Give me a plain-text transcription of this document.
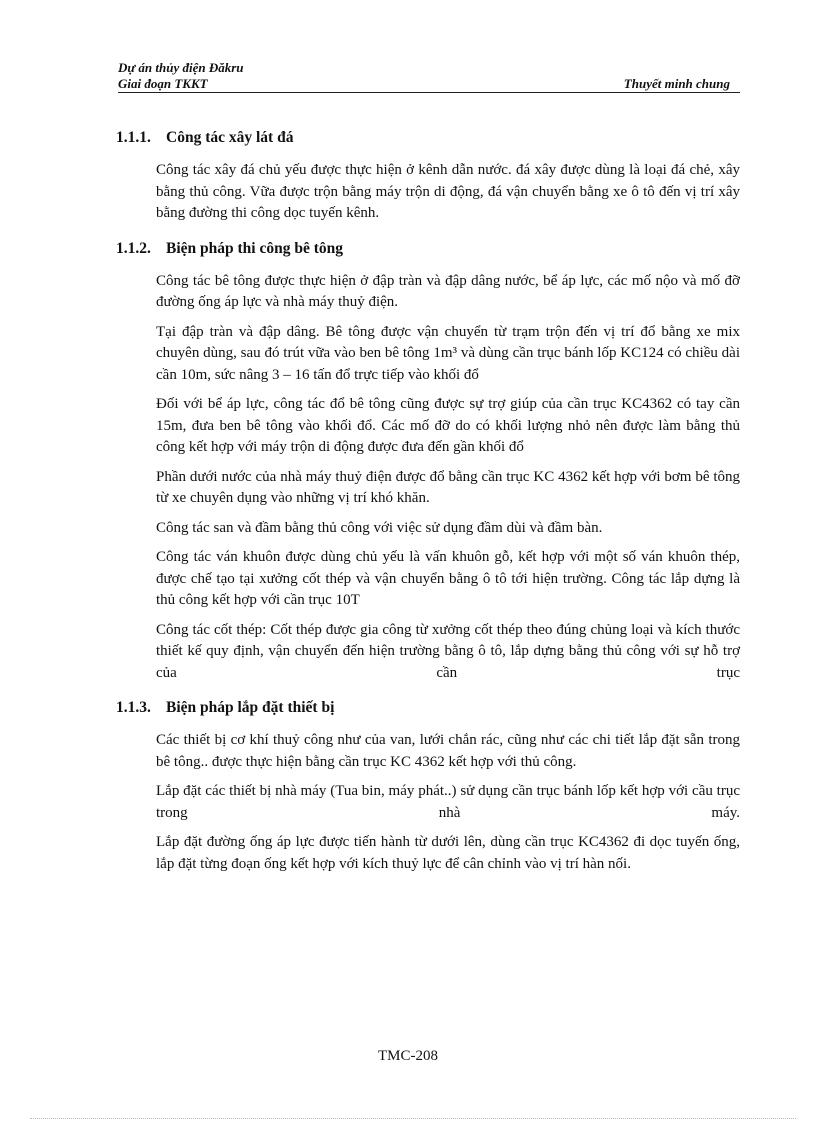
Dự án thủy điện Đăkru
Giai đoạn TKKT	Thuyết minh chung
1.1.1. Công tác xây lát đá

Công tác xây đá chủ yếu được thực hiện ở kênh dẫn nước. đá xây được dùng là loại đá chẻ, xây bằng thủ công. Vữa được trộn bằng máy trộn di động, đá vận chuyển bằng xe ô tô đến vị trí xây bằng đường thi công dọc tuyến kênh.

1.1.2. Biện pháp thi công bê tông

Công tác bê tông được thực hiện ở đập tràn và đập dâng nước, bể áp lực, các mố nộo và mố đỡ đường ống áp lực và nhà máy thuỷ điện.

Tại đập tràn và đập dâng. Bê tông được vận chuyển từ trạm trộn đến vị trí đổ bằng xe mix chuyên dùng, sau đó trút vữa vào ben bê tông 1m³ và dùng cần trục bánh lốp KC124 có chiều dài cần 10m, sức nâng 3 – 16 tấn đổ trực tiếp vào khối đổ

Đối với bể áp lực, công tác đổ bê tông cũng được sự trợ giúp của cần trục KC4362 có tay cần 15m, đưa ben bê tông vào khối đổ. Các mố đỡ do có khối lượng nhỏ nên được làm bằng thủ công kết hợp với máy trộn di động được đưa đến gần khối đổ

Phần dưới nước của nhà máy thuỷ điện được đổ bằng cần trục KC 4362 kết hợp với bơm bê tông từ xe chuyên dụng vào những vị trí khó khăn.

Công tác san và đầm bằng thủ công với việc sử dụng đầm dùi và đầm bàn.

Công tác ván khuôn được dùng chủ yếu là vấn khuôn gỗ, kết hợp với một số ván khuôn thép, được chế tạo tại xưởng cốt thép và vận chuyển bằng ô tô tới hiện trường. Công tác lắp dựng là thủ công kết hợp với cần trục 10T

Công tác cốt thép: Cốt thép được gia công từ xưởng cốt thép theo đúng chủng loại và kích thước thiết kế quy định, vận chuyển đến hiện trường bằng ô tô, lắp dựng bằng thủ công với sự hỗ trợ của cần trục

1.1.3. Biện pháp lắp đặt thiết bị

Các thiết bị cơ khí thuỷ công như của van, lưới chắn rác, cũng như các chi tiết lắp đặt sẵn trong bê tông.. được thực hiện bằng cần trục KC 4362 kết hợp với thủ công.

Lắp đặt các thiết bị nhà máy (Tua bin, máy phát..) sử dụng cần trục bánh lốp kết hợp với cầu trục trong nhà máy.

Lắp đặt đường ống áp lực được tiến hành từ dưới lên, dùng cần trục KC4362 đi dọc tuyến ống, lắp đặt từng đoạn ống kết hợp với kích thuỷ lực để cân chỉnh vào vị trí hàn nối.

TMC-208
